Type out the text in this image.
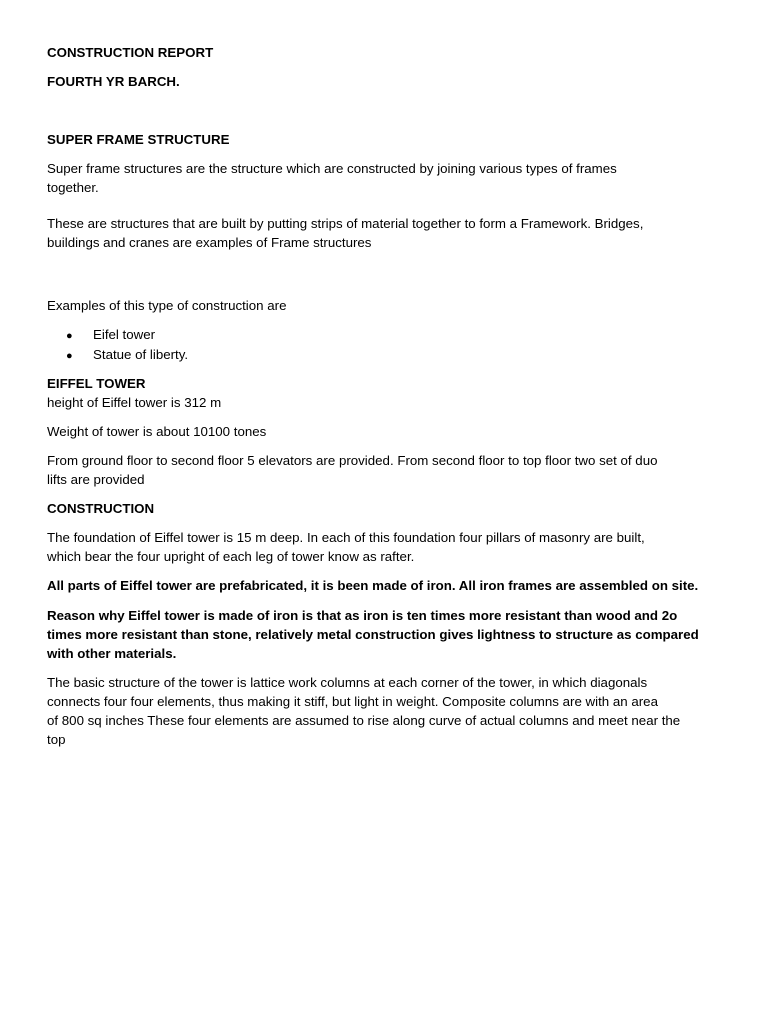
CONSTRUCTION REPORT

FOURTH YR BARCH.

SUPER FRAME STRUCTURE

Super frame structures are the structure which are constructed by joining various types of frames

together.

These are structures that are built by putting strips of material together to form a Framework. Bridges,

buildings and cranes are examples of Frame structures

Examples of this type of construction are

● Eifel tower

● Statue of liberty.

EIFFEL TOWER

height of Eiffel tower is 312 m

Weight of tower is about 10100 tones

From ground floor to second floor 5 elevators are provided. From second floor to top floor two set of duo

lifts are provided

CONSTRUCTION

The foundation of Eiffel tower is 15 m deep. In each of this foundation four pillars of masonry are built,

which bear the four upright of each leg of tower know as rafter.

All parts of Eiffel tower are prefabricated, it is been made of iron. All iron frames are assembled on site.

Reason why Eiffel tower is made of iron is that as iron is ten times more resistant than wood and 2o

times more resistant than stone, relatively metal construction gives lightness to structure as compared

with other materials.

The basic structure of the tower is lattice work columns at each corner of the tower, in which diagonals

connects four four elements, thus making it stiff, but light in weight. Composite columns are with an area

of 800 sq inches These four elements are assumed to rise along curve of actual columns and meet near the

top
